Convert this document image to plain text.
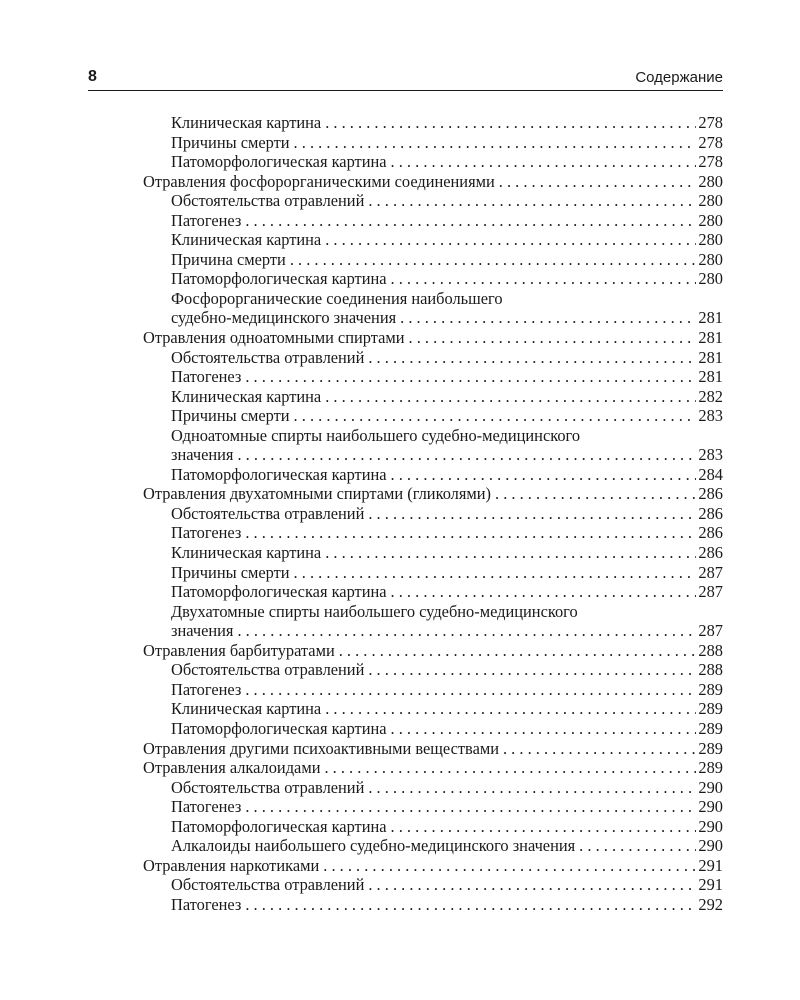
8	Содержание
Клиническая картина . . .	278
Причины смерти . . .	278
Патоморфологическая картина . . .	278
Отравления фосфорорганическими соединениями . . .	280
Обстоятельства отравлений . . .	280
Патогенез . . .	280
Клиническая картина . . .	280
Причина смерти . . .	280
Патоморфологическая картина . . .	280
Фосфорорганические соединения наибольшего
судебно-медицинского значения . . .	281
Отравления одноатомными спиртами . . .	281
Обстоятельства отравлений . . .	281
Патогенез . . .	281
Клиническая картина . . .	282
Причины смерти . . .	283
Одноатомные спирты наибольшего судебно-медицинского
значения . . .	283
Патоморфологическая картина . . .	284
Отравления двухатомными спиртами (гликолями) . . .	286
Обстоятельства отравлений . . .	286
Патогенез . . .	286
Клиническая картина . . .	286
Причины смерти . . .	287
Патоморфологическая картина . . .	287
Двухатомные спирты наибольшего судебно-медицинского
значения . . .	287
Отравления барбитуратами . . .	288
Обстоятельства отравлений . . .	288
Патогенез . . .	289
Клиническая картина . . .	289
Патоморфологическая картина . . .	289
Отравления другими психоактивными веществами . . .	289
Отравления алкалоидами . . .	289
Обстоятельства отравлений . . .	290
Патогенез . . .	290
Патоморфологическая картина . . .	290
Алкалоиды наибольшего судебно-медицинского значения . . .	290
Отравления наркотиками . . .	291
Обстоятельства отравлений . . .	291
Патогенез . . .	292
